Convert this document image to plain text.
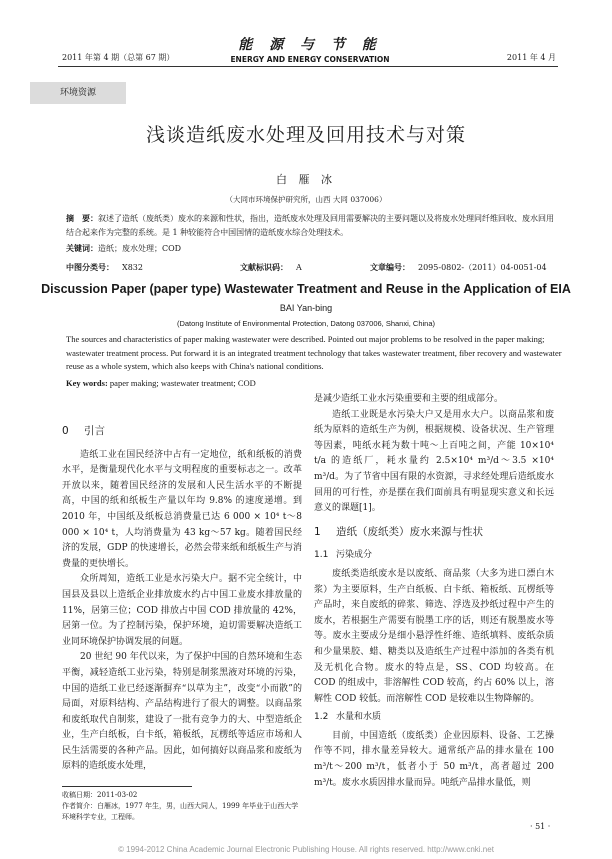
2011 年第 4 期（总第 67 期）
能 源 与 节 能
ENERGY AND ENERGY CONSERVATION	2011 年 4 月
环境资源
浅谈造纸废水处理及回用技术与对策
白 雁 冰
（大同市环境保护研究所，山西 大同 037006）
摘　要：叙述了造纸（废纸类）废水的来源和性状，指出，造纸废水处理及回用需要解决的主要问题以及将废水处理同纤维回收、废水回用结合起来作为完整的系统。是 1 种较能符合中国国情的造纸废水综合处理技术。
关键词：造纸；废水处理；COD
中图分类号： X832	文献标识码： A	文章编号： 2095-0802-（2011）04-0051-04
Discussion Paper (paper type) Wastewater Treatment and Reuse in the Application of EIA
BAI Yan-bing
(Datong Institute of Environmental Protection, Datong 037006, Shanxi, China)
The sources and characteristics of paper making wastewater were described. Pointed out major problems to be resolved in the paper making; wastewater treatment process. Put forward it is an integrated treatment technology that takes wastewater treatment, fiber recovery and wastewater reuse as a whole system, which also keeps with China's national conditions.
Key words: paper making; wastewater treatment; COD
0 引言

造纸工业在国民经济中占有一定地位，纸和纸板的消费水平，是衡量现代化水平与文明程度的重要标志之一。改革开放以来，随着国民经济的发展和人民生活水平的不断提高，中国的纸和纸板生产量以年均 9.8% 的速度递增。到 2010 年，中国纸及纸板总消费量已达 6 000 × 10⁴ t～8 000 × 10⁴ t，人均消费量为 43 kg～57 kg。随着国民经济的发展，GDP 的快速增长，必然会带来纸和纸板生产与消费量的更快增长。

众所周知，造纸工业是水污染大户。据不完全统计，中国县及县以上造纸企业排放废水约占中国工业废水排放量的 11%，居第三位；COD 排放占中国 COD 排放量的 42%，居第一位。为了控制污染，保护环境，迫切需要解决造纸工业同环境保护协调发展的问题。

20 世纪 90 年代以来，为了保护中国的自然环境和生态平衡，减轻造纸工业污染，特别是制浆黑液对环境的污染，中国的造纸工业已经逐渐摒弃“以草为主”，改变“小而散”的局面，对原料结构、产品结构进行了很大的调整。以商品浆和废纸取代自制浆，建设了一批有竞争力的大、中型造纸企业，生产白纸板，白卡纸，箱板纸，瓦楞纸等适应市场和人民生活需要的各种产品。因此，如何搞好以商品浆和废纸为原料的造纸废水处理，

是减少造纸工业水污染重要和主要的组成部分。

造纸工业既是水污染大户又是用水大户。以商品浆和废纸为原料的造纸生产为例，根据规模、设备状况、生产管理等因素，吨纸水耗为数十吨～上百吨之间，产能 10×10⁴ t/a 的造纸厂，耗水量约 2.5×10⁴ m³/d～3.5 ×10⁴ m³/d。为了节省中国有限的水资源，寻求经处理后造纸废水回用的可行性，亦是摆在我们面前具有明显现实意义和长远意义的课题[1]。

1 造纸（废纸类）废水来源与性状
1.1 污染成分

废纸类造纸废水是以废纸、商品浆（大多为进口漂白木浆）为主要原料，生产白纸板、白卡纸、箱板纸、瓦楞纸等产品时，来自废纸的碎浆、筛选、浮选及抄纸过程中产生的废水，若根据生产需要有脱墨工序的话，则还有脱墨废水等等。废水主要成分是细小悬浮性纤维、造纸填料、废纸杂质和少量果胶、蜡、糖类以及造纸生产过程中添加的各类有机及无机化合物。废水的特点是，SS、COD 均较高。在 COD 的组成中，非溶解性 COD 较高，约占 60% 以上，溶解性 COD 较低。而溶解性 COD 是较难以生物降解的。

1.2 水量和水质

目前，中国造纸（废纸类）企业因原料、设备、工艺操作等不同，排水量差异较大。通常纸产品的排水量在 100 m³/t～200 m³/t，低者小于 50 m³/t，高者超过 200 m³/t。废水水质因排水量而异。吨纸产品排水量低，则

收稿日期：2011-03-02
作者简介：白雁冰，1977 年生，男，山西大同人，1999 年毕业于山西大学环境科学专业，工程师。
· 51 ·
© 1994-2012 China Academic Journal Electronic Publishing House. All rights reserved. http://www.cnki.net
